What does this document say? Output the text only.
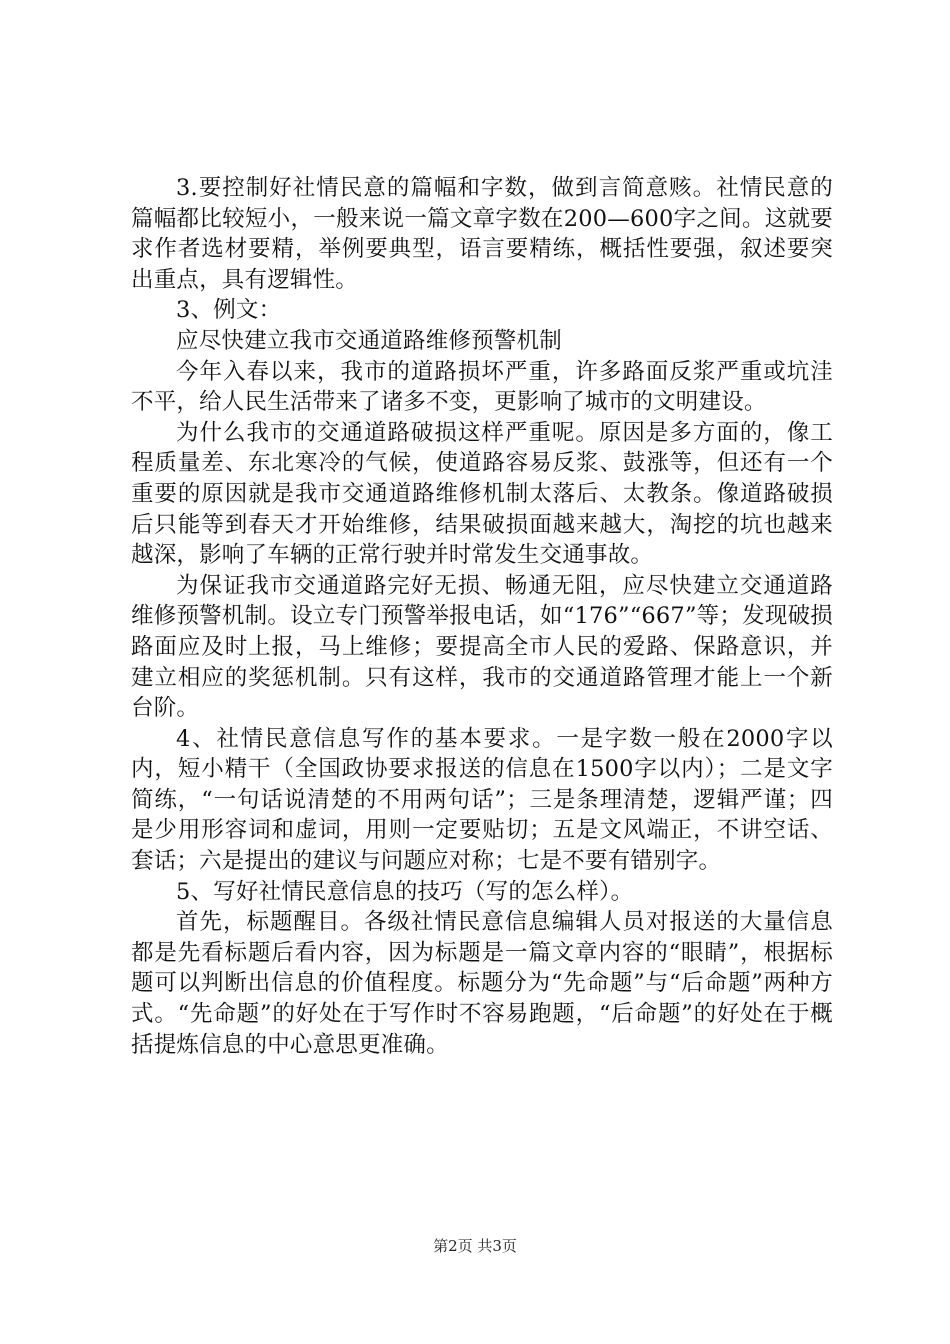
3.要控制好社情民意的篇幅和字数，做到言简意赅。社情民意的篇幅都比较短小，一般来说一篇文章字数在200—600字之间。这就要求作者选材要精，举例要典型，语言要精练，概括性要强，叙述要突出重点，具有逻辑性。

3、例文：

应尽快建立我市交通道路维修预警机制

今年入春以来，我市的道路损坏严重，许多路面反浆严重或坑洼不平，给人民生活带来了诸多不变，更影响了城市的文明建设。

为什么我市的交通道路破损这样严重呢。原因是多方面的，像工程质量差、东北寒冷的气候，使道路容易反浆、鼓涨等，但还有一个重要的原因就是我市交通道路维修机制太落后、太教条。像道路破损后只能等到春天才开始维修，结果破损面越来越大，淘挖的坑也越来越深，影响了车辆的正常行驶并时常发生交通事故。

为保证我市交通道路完好无损、畅通无阻，应尽快建立交通道路维修预警机制。设立专门预警举报电话，如“176”“667”等；发现破损路面应及时上报，马上维修；要提高全市人民的爱路、保路意识，并建立相应的奖惩机制。只有这样，我市的交通道路管理才能上一个新台阶。

4、社情民意信息写作的基本要求。一是字数一般在2000字以内，短小精干（全国政协要求报送的信息在1500字以内）；二是文字简练，“一句话说清楚的不用两句话”；三是条理清楚，逻辑严谨；四是少用形容词和虚词，用则一定要贴切；五是文风端正，不讲空话、套话；六是提出的建议与问题应对称；七是不要有错别字。

5、写好社情民意信息的技巧（写的怎么样）。

首先，标题醒目。各级社情民意信息编辑人员对报送的大量信息都是先看标题后看内容，因为标题是一篇文章内容的“眼睛”，根据标题可以判断出信息的价值程度。标题分为“先命题”与“后命题”两种方式。“先命题”的好处在于写作时不容易跑题，“后命题”的好处在于概括提炼信息的中心意思更准确。

第2页 共3页
